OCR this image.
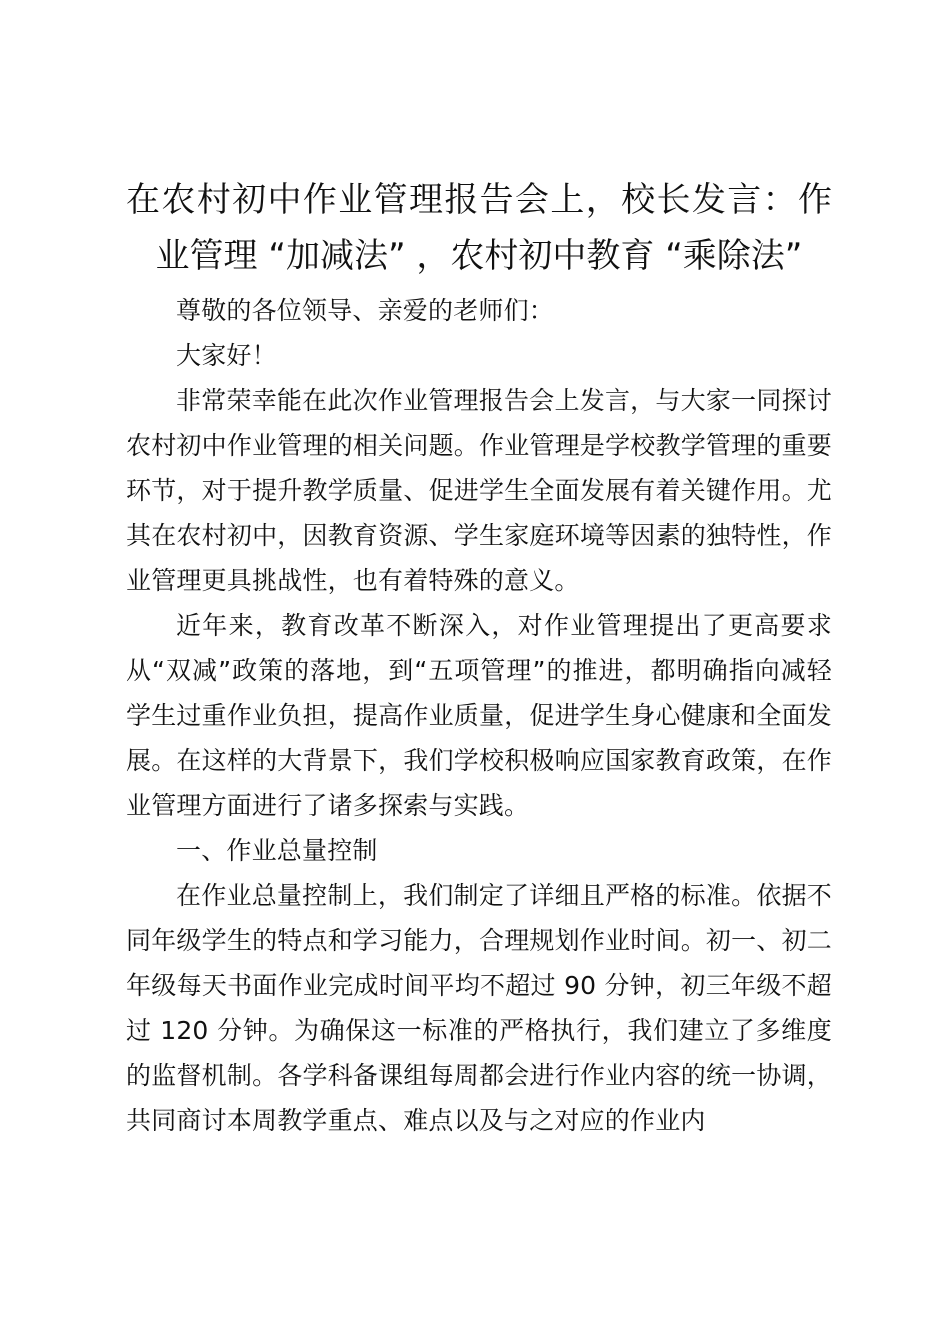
在农村初中作业管理报告会上，校长发言：作业管理 “加减法” ，农村初中教育 “乘除法”

尊敬的各位领导、亲爱的老师们：

大家好！

非常荣幸能在此次作业管理报告会上发言，与大家一同探讨农村初中作业管理的相关问题。作业管理是学校教学管理的重要环节，对于提升教学质量、促进学生全面发展有着关键作用。尤其在农村初中，因教育资源、学生家庭环境等因素的独特性，作业管理更具挑战性，也有着特殊的意义。

近年来，教育改革不断深入，对作业管理提出了更高要求从“双减”政策的落地，到“五项管理”的推进，都明确指向减轻学生过重作业负担，提高作业质量，促进学生身心健康和全面发展。在这样的大背景下，我们学校积极响应国家教育政策，在作业管理方面进行了诸多探索与实践。

一、作业总量控制

在作业总量控制上，我们制定了详细且严格的标准。依据不同年级学生的特点和学习能力，合理规划作业时间。初一、初二年级每天书面作业完成时间平均不超过 90 分钟，初三年级不超过 120 分钟。为确保这一标准的严格执行，我们建立了多维度的监督机制。各学科备课组每周都会进行作业内容的统一协调，共同商讨本周教学重点、难点以及与之对应的作业内
